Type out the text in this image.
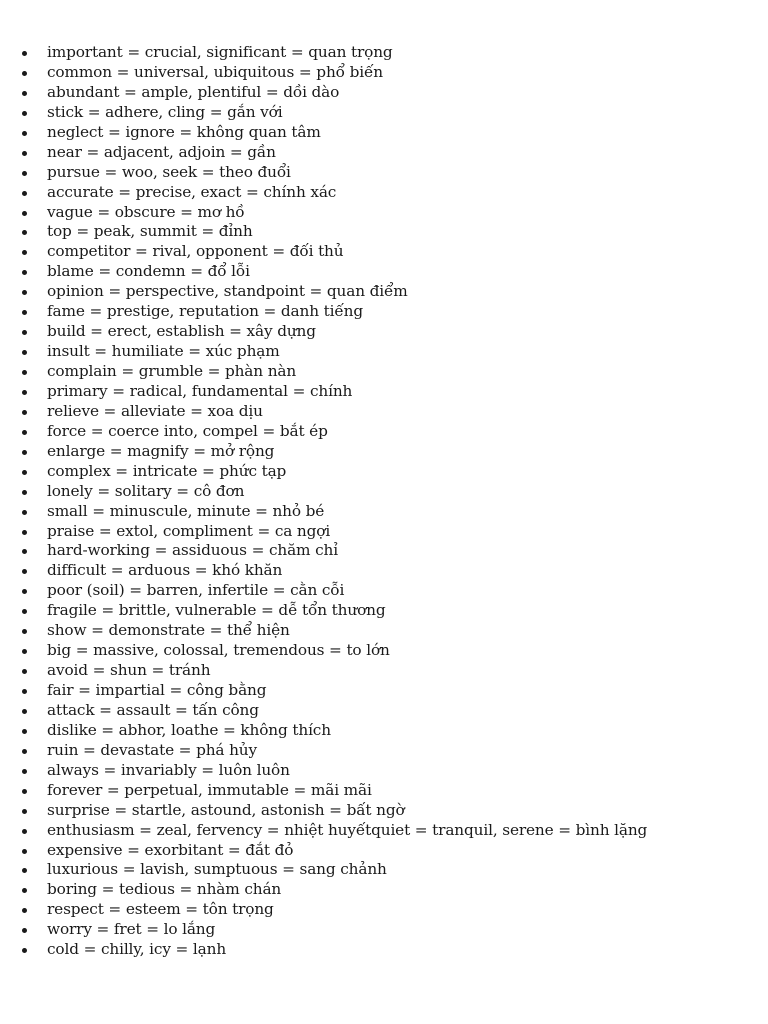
important = crucial, significant = quan trọng
common = universal, ubiquitous = phổ biến
abundant = ample, plentiful = dồi dào
stick = adhere, cling = gắn với
neglect = ignore = không quan tâm
near = adjacent, adjoin = gần
pursue = woo, seek = theo đuổi
accurate = precise, exact = chính xác
vague = obscure = mơ hồ
top = peak, summit = đỉnh
competitor = rival, opponent = đối thủ
blame = condemn = đổ lỗi
opinion = perspective, standpoint = quan điểm
fame = prestige, reputation = danh tiếng
build = erect, establish = xây dựng
insult = humiliate = xúc phạm
complain = grumble = phàn nàn
primary = radical, fundamental = chính
relieve = alleviate = xoa dịu
force = coerce into, compel = bắt ép
enlarge = magnify = mở rộng
complex = intricate = phức tạp
lonely = solitary = cô đơn
small = minuscule, minute = nhỏ bé
praise = extol, compliment = ca ngợi
hard-working = assiduous = chăm chỉ
difficult = arduous = khó khăn
poor (soil) = barren, infertile = cằn cỗi
fragile = brittle, vulnerable = dễ tổn thương
show = demonstrate = thể hiện
big = massive, colossal, tremendous = to lớn
avoid = shun = tránh
fair = impartial = công bằng
attack = assault = tấn công
dislike = abhor, loathe = không thích
ruin = devastate = phá hủy
always = invariably = luôn luôn
forever = perpetual, immutable = mãi mãi
surprise = startle, astound, astonish = bất ngờ
enthusiasm = zeal, fervency = nhiệt huyếtquiet = tranquil, serene = bình lặng
expensive = exorbitant = đắt đỏ
luxurious = lavish, sumptuous = sang chảnh
boring = tedious = nhàm chán
respect = esteem = tôn trọng
worry = fret = lo lắng
cold = chilly, icy = lạnh
